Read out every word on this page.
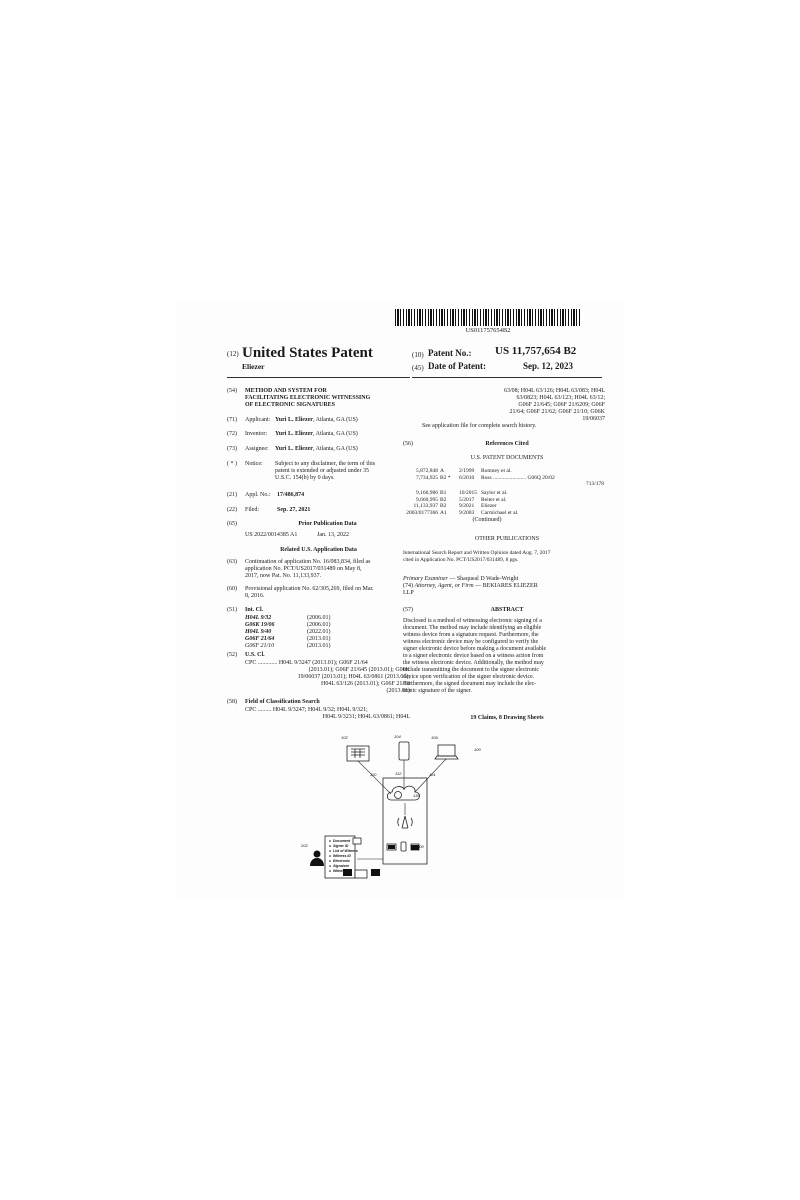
US011757654B2
(12) United States Patent
Eliezer
(10) Patent No.: US 11,757,654 B2
(45) Date of Patent:	Sep. 12, 2023
(54) METHOD AND SYSTEM FOR
FACILITATING ELECTRONIC WITNESSING
OF ELECTRONIC SIGNATURES
(71) Applicant: Yuri L. Eliezer, Atlanta, GA (US)
(72) Inventor: Yuri L. Eliezer, Atlanta, GA (US)
(73) Assignee: Yuri L. Eliezer, Atlanta, GA (US)
( * ) Notice: Subject to any disclaimer, the term of this
patent is extended or adjusted under 35
U.S.C. 154(b) by 0 days.
(21) Appl. No.: 17/486,874
(22) Filed:	Sep. 27, 2021
(65)	Prior Publication Data
US 2022/0014385 A1	Jan. 13, 2022
Related U.S. Application Data
(63) Continuation of application No. 16/083,834, filed as
application No. PCT/US2017/031489 on May 8,
2017, now Pat. No. 11,133,937.
(60) Provisional application No. 62/305,269, filed on Mar.
8, 2016.
(51) Int. Cl.
H04L 9/32	(2006.01)
G06K 19/06	(2006.01)
H04L 9/40	(2022.01)
G06F 21/64	(2013.01)
G06F 21/10	(2013.01)
(52) U.S. Cl.
CPC ............. H04L 9/3247 (2013.01); G06F 21/64
(2013.01); G06F 21/645 (2013.01); G06K
19/06037 (2013.01); H04L 63/0861 (2013.01);
H04L 63/126 (2013.01); G06F 21/10
(2013.01)
(58) Field of Classification Search
CPC ......... H04L 9/3247; H04L 9/32; H04L 9/321;
H04L 9/3231; H04L 63/0861; H04L
63/08; H04L 63/126; H04L 63/083; H04L
63/0823; H04L 63/123; H04L 63/12;
G06F 21/645; G06F 21/6209; G06F
21/64; G06F 21/62; G06F 21/10; G06K
19/06037
See application file for complete search history.
(56)	References Cited
U.S. PATENT DOCUMENTS
5,872,848 A	2/1999 Romney et al.
7,734,925 B2 * 6/2010 Ross ........................ G06Q 20/02
713/178
9,166,986 B1 10/2015 Saylor et al.
9,660,995 B2 5/2017 Reiter et al.
11,133,937 B2 9/2021 Eliezer
2003/0177366 A1 9/2003 Carmichael et al.
(Continued)
OTHER PUBLICATIONS
International Search Report and Written Opinion dated Aug. 7, 2017
cited in Application No. PCT/US2017/031489, 8 pgs.
Primary Examiner — Shaqueal D Wade-Wright
(74) Attorney, Agent, or Firm — BEKIARES ELIEZER
LLP
(57)	ABSTRACT
Disclosed is a method of witnessing electronic signing of a
document. The method may include identifying an eligible
witness device from a signature request. Furthermore, the
witness electronic device may be configured to verify the
signer electronic device before making a document available
to a signer electronic device based on a witness action from
the witness electronic device. Additionally, the method may
include transmitting the document to the signer electronic
device upon verification of the signer electronic device.
Furthermore, the signed document may include the elec-
tronic signature of the signer.
19 Claims, 8 Drawing Sheets
Document
Signer ID
List of Witness
Witness ID
Electronic
Signature
Witnessing
102	104	106
100
110	112	114
130
200
202
